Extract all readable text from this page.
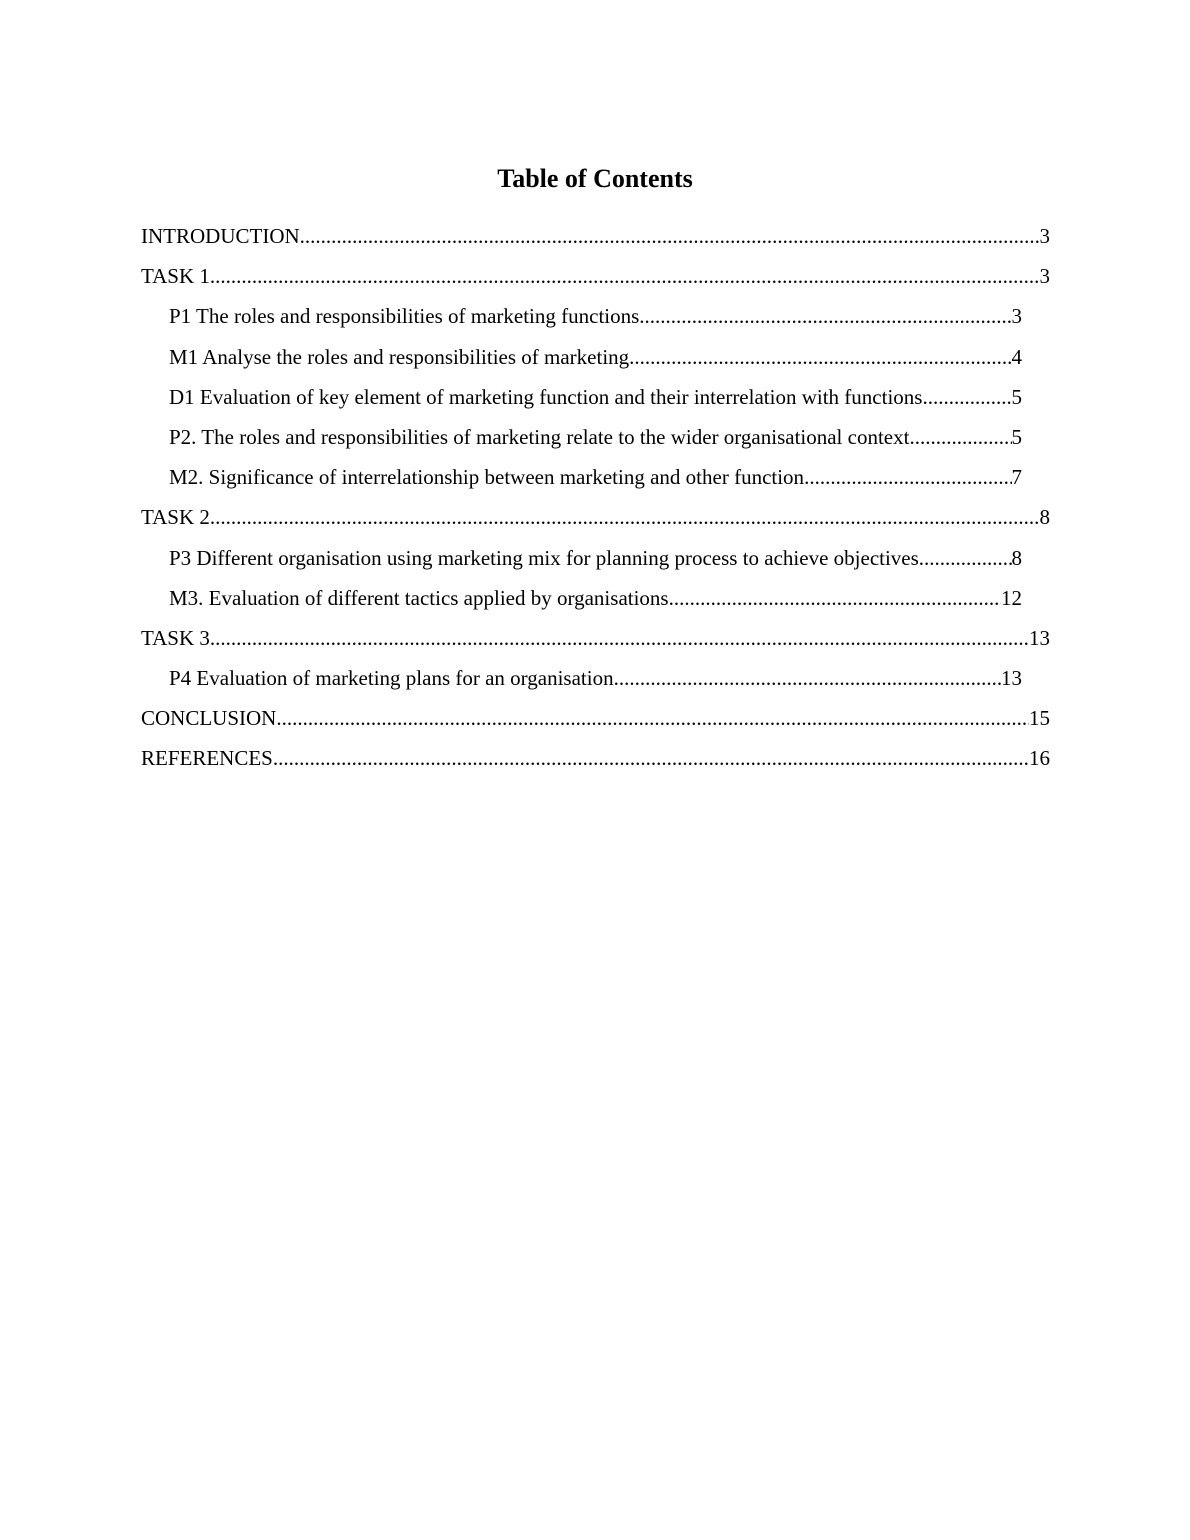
Table of Contents
INTRODUCTION .....	3
TASK 1 .....	3
P1 The roles and responsibilities of marketing functions .....	3
M1 Analyse the roles and responsibilities of marketing .....	4
D1 Evaluation of key element of marketing function and their interrelation with functions .....	5
P2. The roles and responsibilities of marketing relate to the wider organisational context .....	5
M2. Significance of interrelationship between marketing and other function .....	7
TASK 2 .....	8
P3 Different organisation using marketing mix for planning process to achieve objectives .....	8
M3. Evaluation of different tactics applied by organisations .....	12
TASK 3 .....	13
P4 Evaluation of marketing plans for an organisation .....	13
CONCLUSION .....	15
REFERENCES .....	16
